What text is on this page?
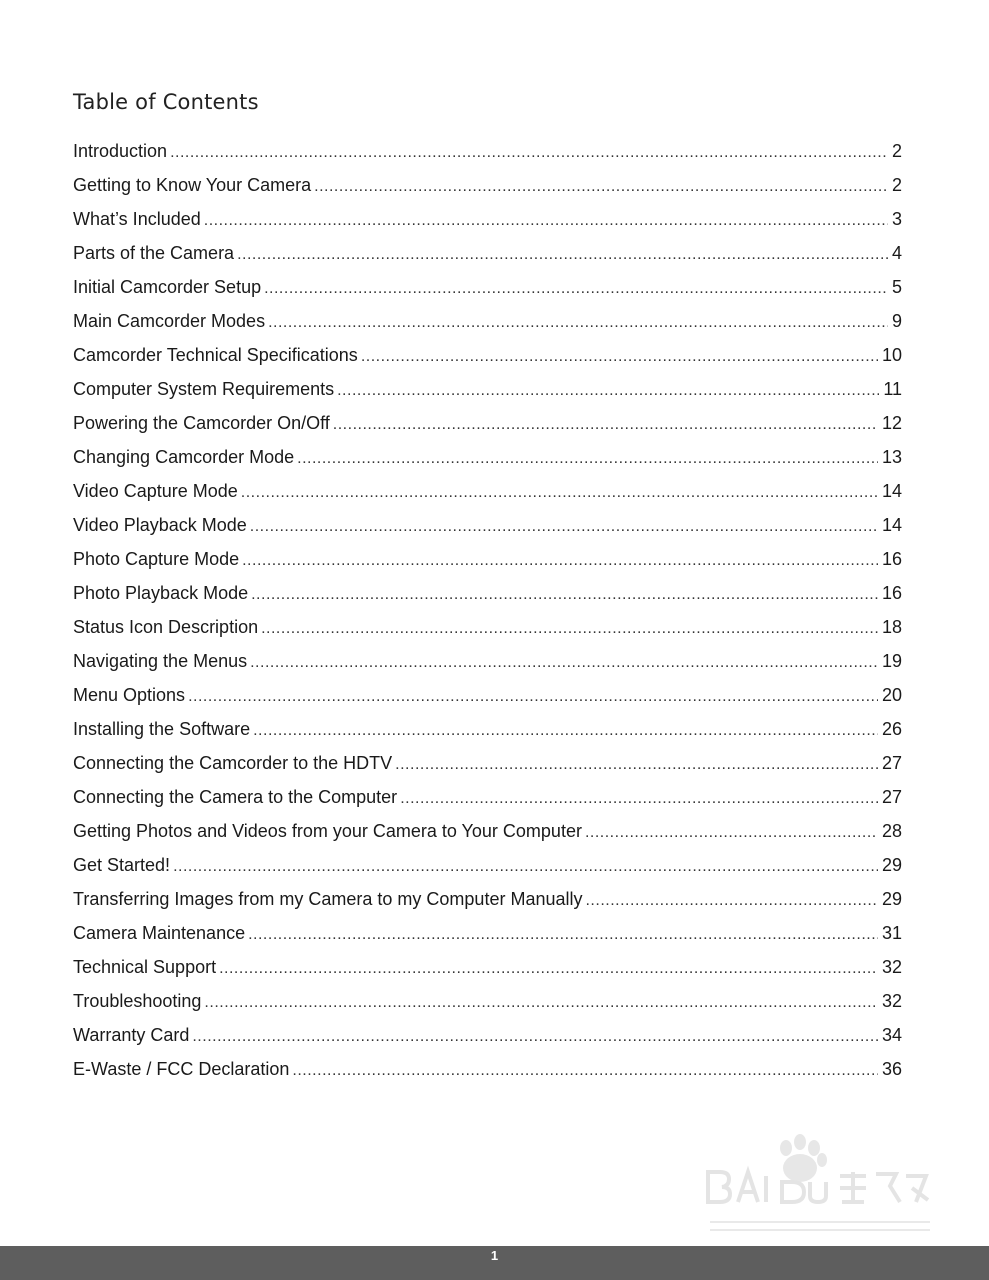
Table of Contents
Introduction .....	2
Getting to Know Your Camera .....	2
What’s Included .....	3
Parts of the Camera .....	4
Initial Camcorder Setup .....	5
Main Camcorder Modes .....	9
Camcorder Technical Specifications .....	10
Computer System Requirements .....	11
Powering the Camcorder On/Off .....	12
Changing Camcorder Mode .....	13
Video Capture Mode .....	14
Video Playback Mode .....	14
Photo Capture Mode .....	16
Photo Playback Mode .....	16
Status Icon Description .....	18
Navigating the Menus .....	19
Menu Options .....	20
Installing the Software .....	26
Connecting the Camcorder to the HDTV .....	27
Connecting the Camera to the Computer .....	27
Getting Photos and Videos from your Camera to Your Computer .....	28
Get Started! .....	29
Transferring Images from my Camera to my Computer Manually .....	29
Camera Maintenance .....	31
Technical Support .....	32
Troubleshooting .....	32
Warranty Card .....	34
E-Waste / FCC Declaration .....	36
1
